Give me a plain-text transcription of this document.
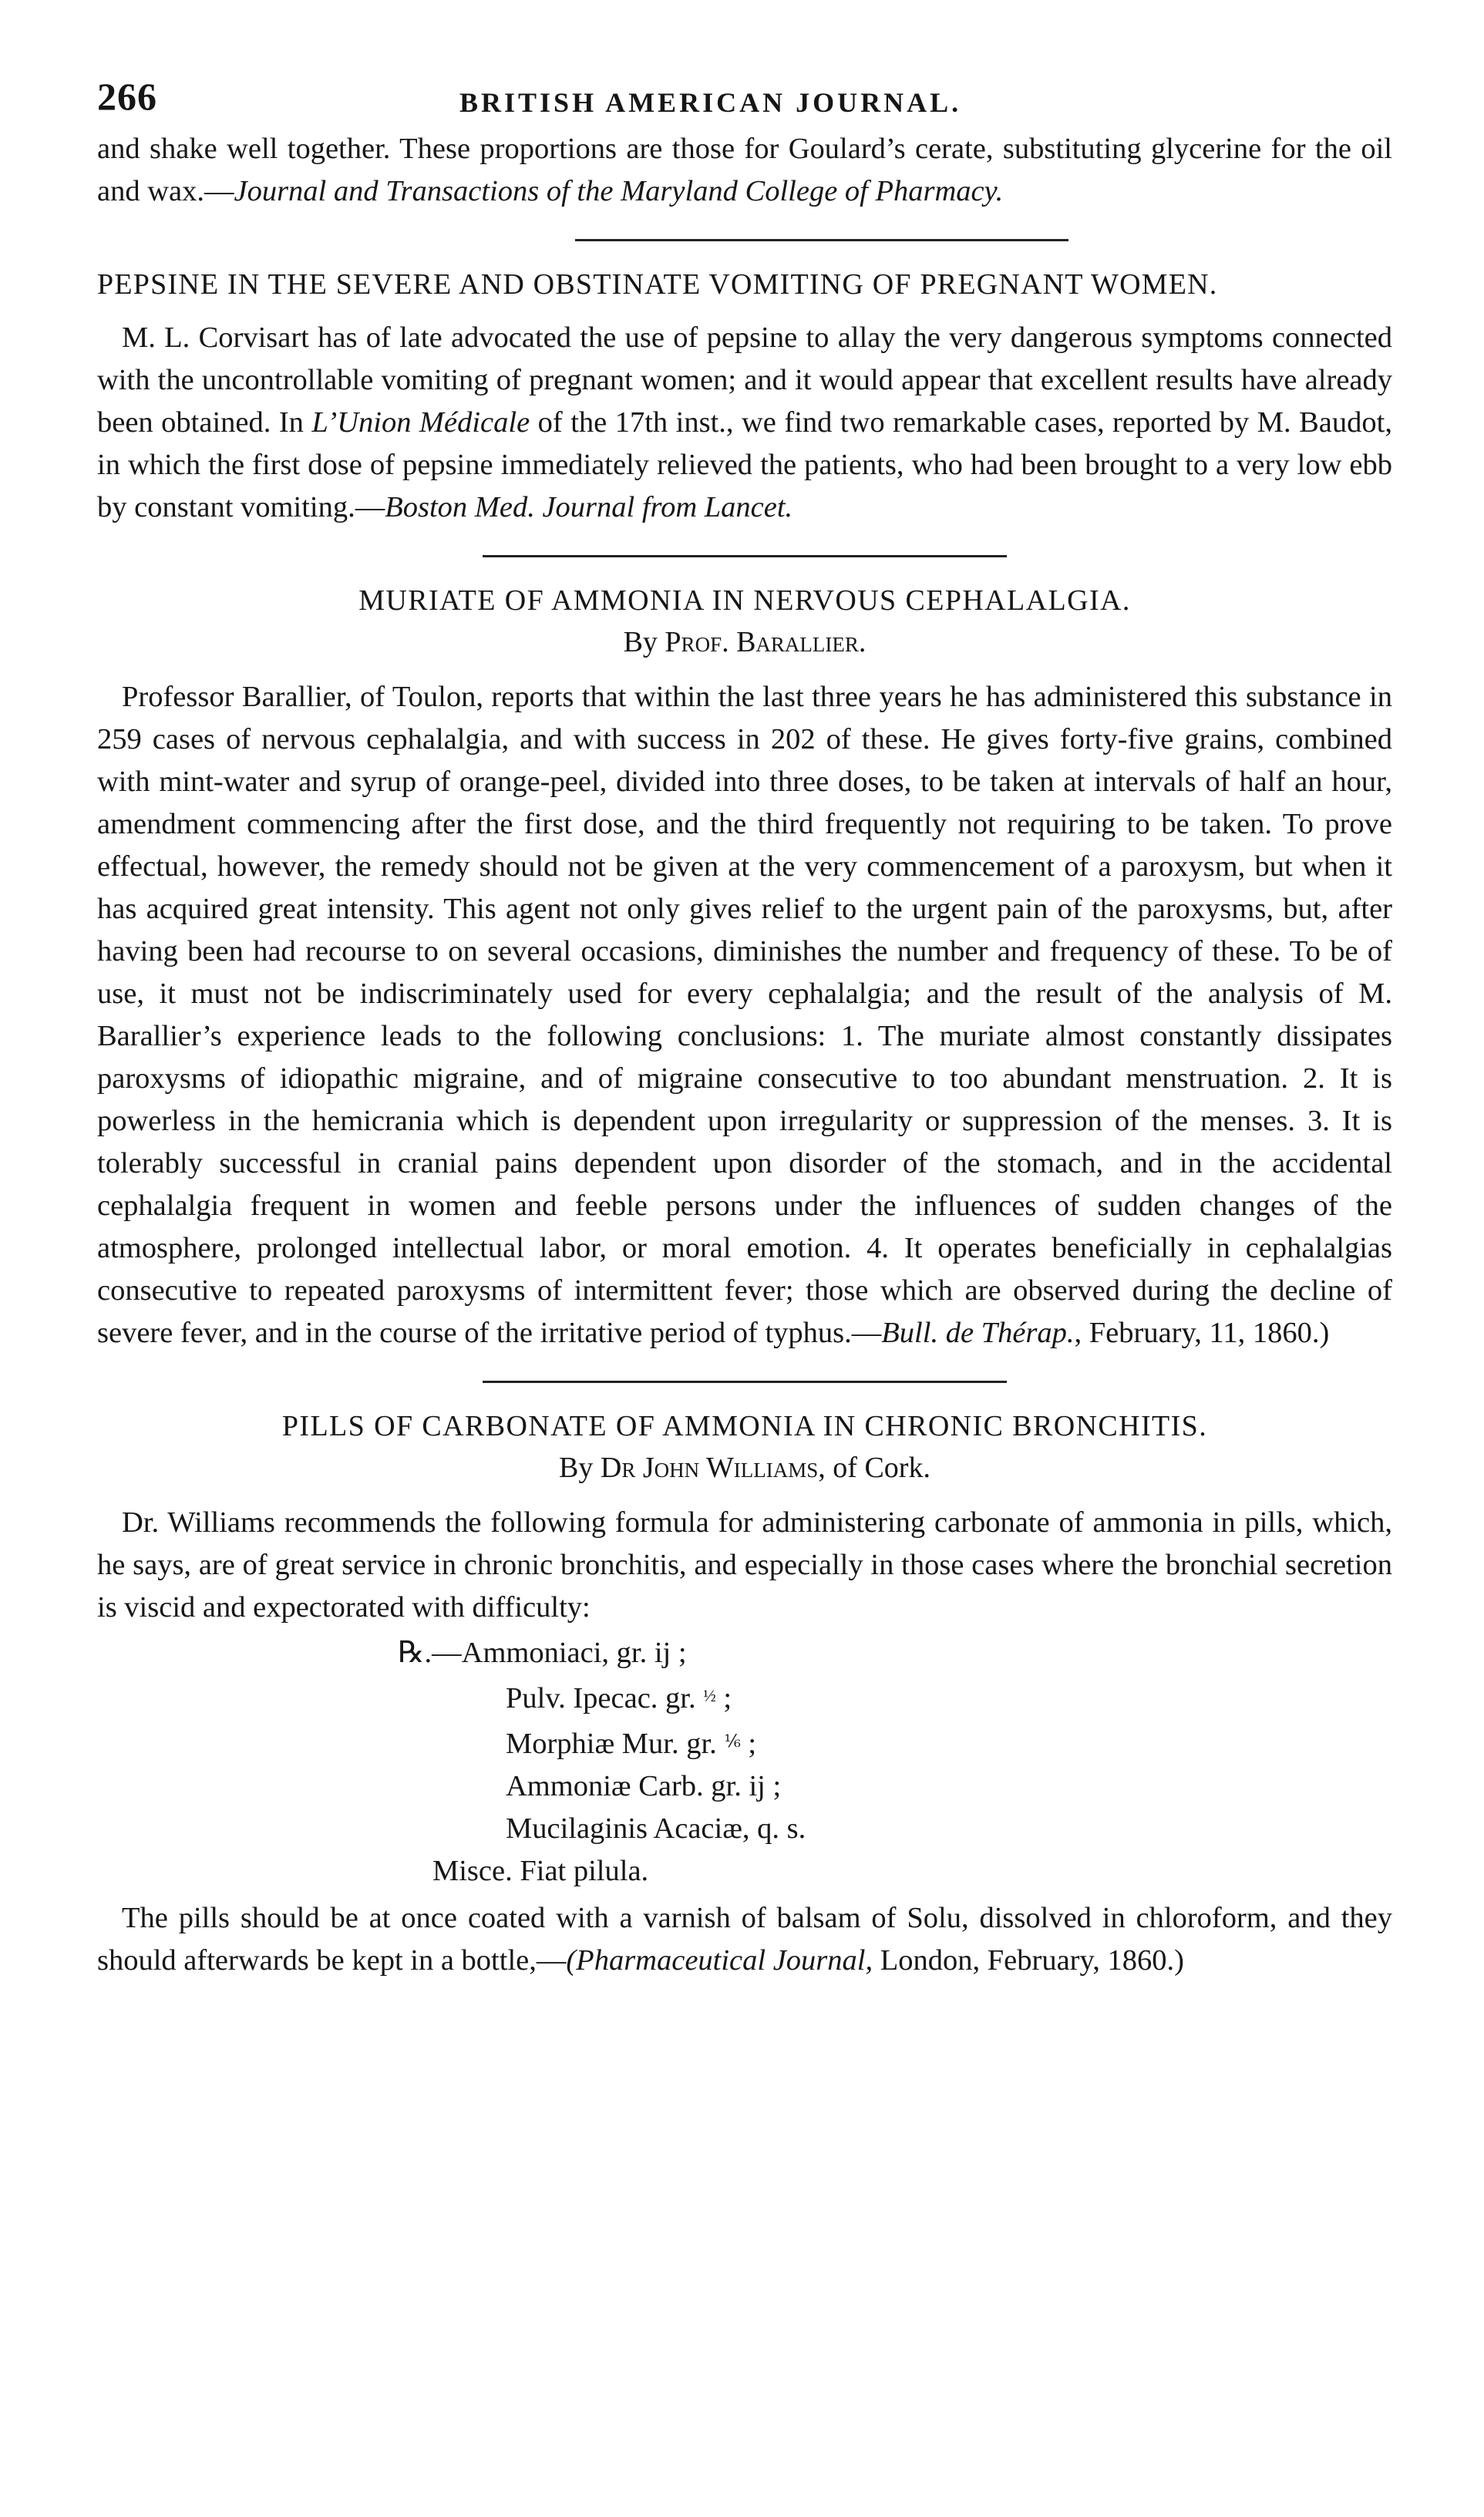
266	BRITISH AMERICAN JOURNAL.

and shake well together. These proportions are those for Goulard’s cerate, substituting glycerine for the oil and wax.—Journal and Transactions of the Maryland College of Pharmacy.

PEPSINE IN THE SEVERE AND OBSTINATE VOMITING OF PREGNANT WOMEN.

M. L. Corvisart has of late advocated the use of pepsine to allay the very dangerous symptoms connected with the uncontrollable vomiting of pregnant women; and it would appear that excellent results have already been obtained. In L’Union Médicale of the 17th inst., we find two remarkable cases, reported by M. Baudot, in which the first dose of pepsine immediately relieved the patients, who had been brought to a very low ebb by constant vomiting.—Boston Med. Journal from Lancet.

MURIATE OF AMMONIA IN NERVOUS CEPHALALGIA.
By Prof. Barallier.

Professor Barallier, of Toulon, reports that within the last three years he has administered this substance in 259 cases of nervous cephalalgia, and with success in 202 of these. He gives forty-five grains, combined with mint-water and syrup of orange-peel, divided into three doses, to be taken at intervals of half an hour, amendment commencing after the first dose, and the third frequently not requiring to be taken. To prove effectual, however, the remedy should not be given at the very commencement of a paroxysm, but when it has acquired great intensity. This agent not only gives relief to the urgent pain of the paroxysms, but, after having been had recourse to on several occasions, diminishes the number and frequency of these. To be of use, it must not be indiscriminately used for every cephalalgia; and the result of the analysis of M. Barallier’s experience leads to the following conclusions: 1. The muriate almost constantly dissipates paroxysms of idiopathic migraine, and of migraine consecutive to too abundant menstruation. 2. It is powerless in the hemicrania which is dependent upon irregularity or suppression of the menses. 3. It is tolerably successful in cranial pains dependent upon disorder of the stomach, and in the accidental cephalalgia frequent in women and feeble persons under the influences of sudden changes of the atmosphere, prolonged intellectual labor, or moral emotion. 4. It operates beneficially in cephalalgias consecutive to repeated paroxysms of intermittent fever; those which are observed during the decline of severe fever, and in the course of the irritative period of typhus.—Bull. de Thérap., February, 11, 1860.)

PILLS OF CARBONATE OF AMMONIA IN CHRONIC BRONCHITIS.
By Dr John Williams, of Cork.

Dr. Williams recommends the following formula for administering carbonate of ammonia in pills, which, he says, are of great service in chronic bronchitis, and especially in those cases where the bronchial secretion is viscid and expectorated with difficulty:

℞.—Ammoniaci, gr. ij ;
Pulv. Ipecac. gr. ½ ;
Morphiæ Mur. gr. ⅙ ;
Ammoniæ Carb. gr. ij ;
Mucilaginis Acaciæ, q. s.
Misce. Fiat pilula.

The pills should be at once coated with a varnish of balsam of Solu, dissolved in chloroform, and they should afterwards be kept in a bottle,—(Pharmaceutical Journal, London, February, 1860.)
